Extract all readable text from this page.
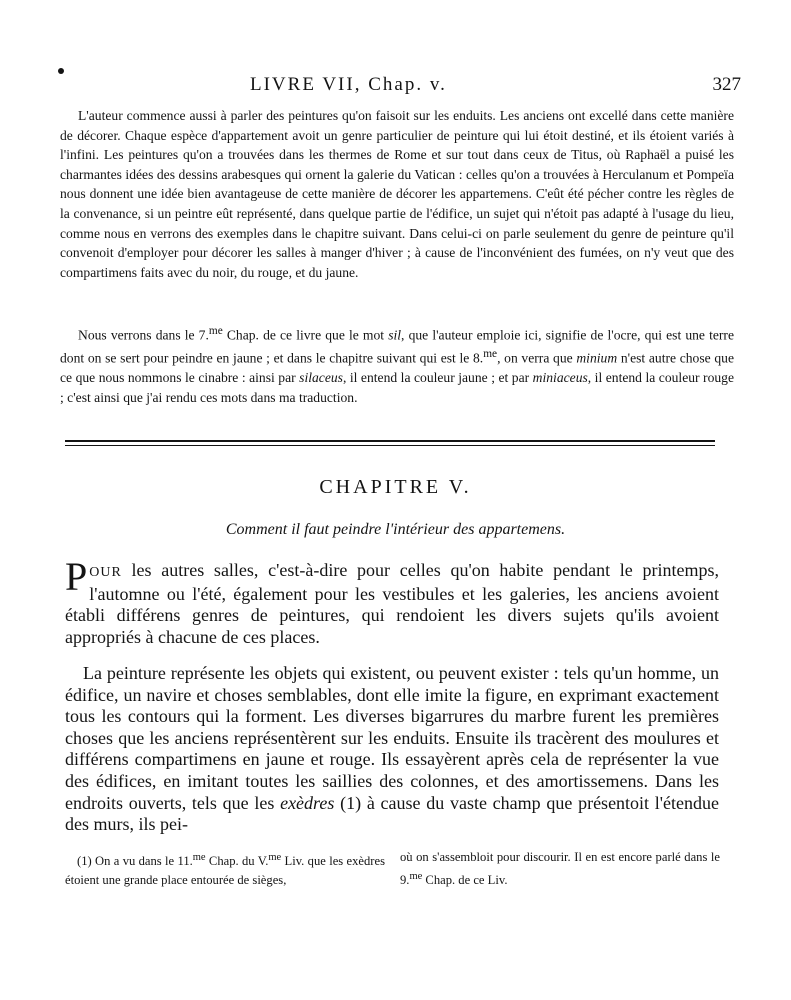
LIVRE VII, Chap. v.	327

L'auteur commence aussi à parler des peintures qu'on faisoit sur les enduits. Les anciens ont excellé dans cette manière de décorer. Chaque espèce d'appartement avoit un genre particulier de peinture qui lui étoit destiné, et ils étoient variés à l'infini. Les peintures qu'on a trouvées dans les thermes de Rome et sur tout dans ceux de Titus, où Raphaël a puisé les charmantes idées des dessins arabesques qui ornent la galerie du Vatican : celles qu'on a trouvées à Herculanum et Pompeïa nous donnent une idée bien avantageuse de cette manière de décorer les appartemens. C'eût été pécher contre les règles de la convenance, si un peintre eût représenté, dans quelque partie de l'édifice, un sujet qui n'étoit pas adapté à l'usage du lieu, comme nous en verrons des exemples dans le chapitre suivant. Dans celui-ci on parle seulement du genre de peinture qu'il convenoit d'employer pour décorer les salles à manger d'hiver ; à cause de l'inconvénient des fumées, on n'y veut que des compartimens faits avec du noir, du rouge, et du jaune.

Nous verrons dans le 7.$^{me}$ Chap. de ce livre que le mot sil, que l'auteur emploie ici, signifie de l'ocre, qui est une terre dont on se sert pour peindre en jaune ; et dans le chapitre suivant qui est le 8.$^{me}$, on verra que minium n'est autre chose que ce que nous nommons le cinabre : ainsi par silaceus, il entend la couleur jaune ; et par miniaceus, il entend la couleur rouge ; c'est ainsi que j'ai rendu ces mots dans ma traduction.

CHAPITRE V.
Comment il faut peindre l'intérieur des appartemens.
POUR les autres salles, c'est-à-dire pour celles qu'on habite pendant le printemps, l'automne ou l'été, également pour les vestibules et les galeries, les anciens avoient établi différens genres de peintures, qui rendoient les divers sujets qu'ils avoient appropriés à chacune de ces places.
La peinture représente les objets qui existent, ou peuvent exister : tels qu'un homme, un édifice, un navire et choses semblables, dont elle imite la figure, en exprimant exactement tous les contours qui la forment. Les diverses bigarrures du marbre furent les premières choses que les anciens représentèrent sur les enduits. Ensuite ils tracèrent des moulures et différens compartimens en jaune et rouge. Ils essayèrent après cela de représenter la vue des édifices, en imitant toutes les saillies des colonnes, et des amortissemens. Dans les endroits ouverts, tels que les exèdres (1) à cause du vaste champ que présentoit l'étendue des murs, ils pei-
(1) On a vu dans le 11.$^{me}$ Chap. du V.$^{me}$ Liv. que les exèdres étoient une grande place entourée de sièges,
où on s'assembloit pour discourir. Il en est encore parlé dans le 9.$^{me}$ Chap. de ce Liv.
